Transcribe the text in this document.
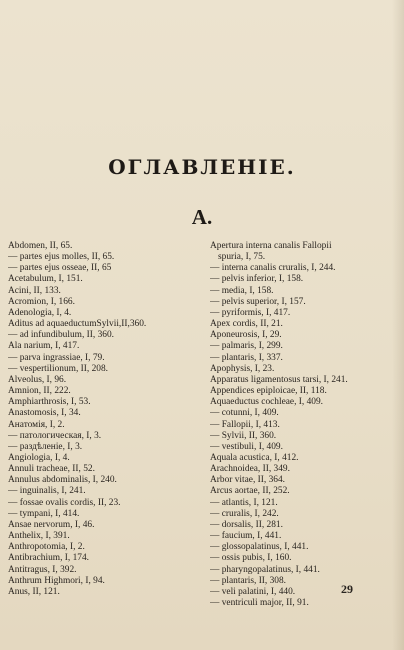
ОГЛАВЛЕНІЕ.
A.
Abdomen, II, 65.
— partes ejus molles, II, 65.
— partes ejus osseae, II, 65
Acetabulum, I, 151.
Acini, II, 133.
Acromion, I, 166.
Adenologia, I, 4.
Aditus ad aquaeductumSylvii,II,360.
— ad infundibulum, II, 360.
Ala narium, I, 417.
— parva ingrassiae, I, 79.
— vespertilionum, II, 208.
Alveolus, I, 96.
Amnion, II, 222.
Amphiarthrosis, I, 53.
Anastomosis, I, 34.
Анатомія, I, 2.
— патологическая, I, 3.
— раздѣленіе, I, 3.
Angiologia, I, 4.
Annuli tracheae, II, 52.
Annulus abdominalis, I, 240.
— inguinalis, I, 241.
— fossae ovalis cordis, II, 23.
— tympani, I, 414.
Ansae nervorum, I, 46.
Anthelix, I, 391.
Anthropotomia, I, 2.
Antibrachium, I, 174.
Antitragus, I, 392.
Anthrum Highmori, I, 94.
Anus, II, 121.
Apertura interna canalis Fallopii
spuria, I, 75.
— interna canalis cruralis, I, 244.
— pelvis inferior, I, 158.
— media, I, 158.
— pelvis superior, I, 157.
— pyriformis, I, 417.
Apex cordis, II, 21.
Aponeurosis, I, 29.
— palmaris, I, 299.
— plantaris, I, 337.
Apophysis, I, 23.
Apparatus ligamentosus tarsi, I, 241.
Appendices epiploicae, II, 118.
Aquaeductus cochleae, I, 409.
— cotunni, I, 409.
— Fallopii, I, 413.
— Sylvii, II, 360.
— vestibuli, I, 409.
Aquala acustica, I, 412.
Arachnoidea, II, 349.
Arbor vitae, II, 364.
Arcus aortae, II, 252.
— atlantis, I, 121.
— cruralis, I, 242.
— dorsalis, II, 281.
— faucium, I, 441.
— glossopalatinus, I, 441.
— ossis pubis, I, 160.
— pharyngopalatinus, I, 441.
— plantaris, II, 308.
— veli palatini, I, 440.
— ventriculi major, II, 91.
29
